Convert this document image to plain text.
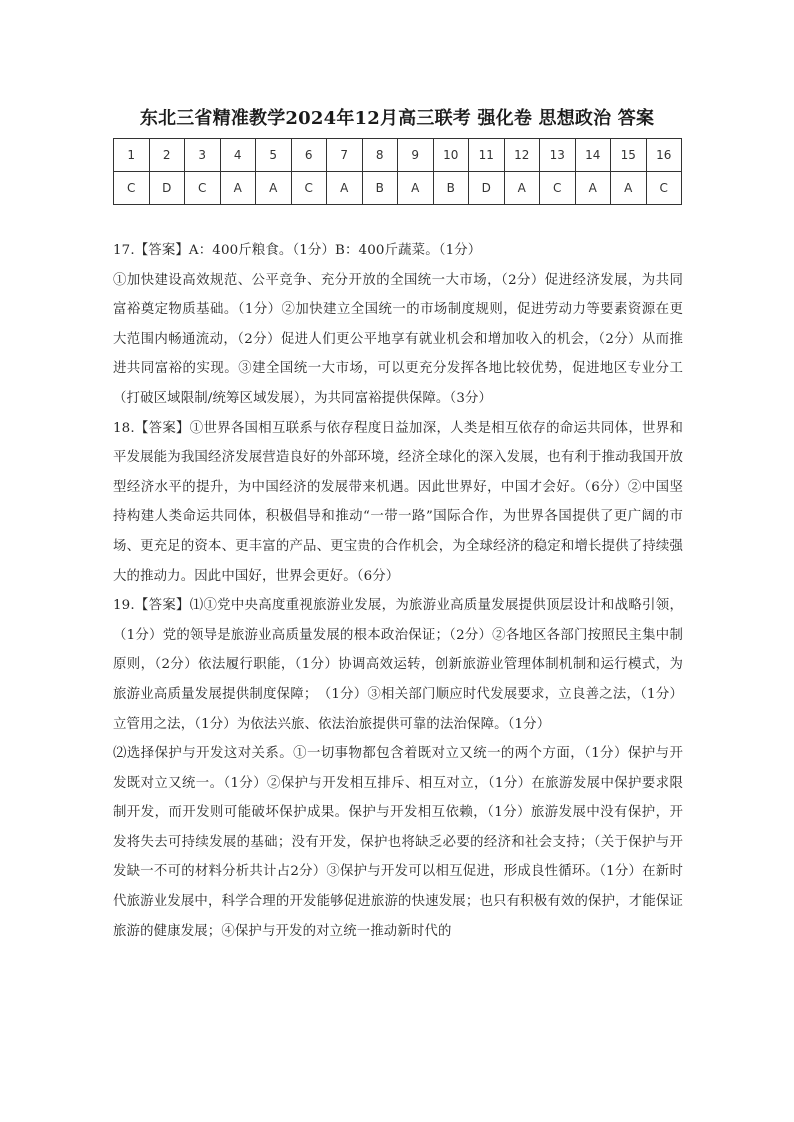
东北三省精准教学2024年12月高三联考 强化卷 思想政治 答案
1	2	3	4	5	6	7	8	9	10	11	12	13	14	15	16
C	D	C	A	A	C	A	B	A	B	D	A	C	A	A	C

17.【答案】A：400斤粮食。（1分）B：400斤蔬菜。（1分）

①加快建设高效规范、公平竞争、充分开放的全国统一大市场，（2分）促进经济发展，为共同富裕奠定物质基础。（1分）②加快建立全国统一的市场制度规则，促进劳动力等要素资源在更大范围内畅通流动，（2分）促进人们更公平地享有就业机会和增加收入的机会，（2分）从而推进共同富裕的实现。③建全国统一大市场，可以更充分发挥各地比较优势，促进地区专业分工（打破区域限制/统筹区域发展），为共同富裕提供保障。（3分）

18.【答案】①世界各国相互联系与依存程度日益加深，人类是相互依存的命运共同体，世界和平发展能为我国经济发展营造良好的外部环境，经济全球化的深入发展，也有利于推动我国开放型经济水平的提升，为中国经济的发展带来机遇。因此世界好，中国才会好。（6分）②中国坚持构建人类命运共同体，积极倡导和推动“一带一路”国际合作，为世界各国提供了更广阔的市场、更充足的资本、更丰富的产品、更宝贵的合作机会，为全球经济的稳定和增长提供了持续强大的推动力。因此中国好，世界会更好。（6分）

19.【答案】⑴①党中央高度重视旅游业发展，为旅游业高质量发展提供顶层设计和战略引领，（1分）党的领导是旅游业高质量发展的根本政治保证；（2分）②各地区各部门按照民主集中制原则，（2分）依法履行职能，（1分）协调高效运转，创新旅游业管理体制机制和运行模式，为旅游业高质量发展提供制度保障；　（1分）③相关部门顺应时代发展要求，立良善之法，（1分）立管用之法，（1分）为依法兴旅、依法治旅提供可靠的法治保障。（1分）

⑵选择保护与开发这对关系。①一切事物都包含着既对立又统一的两个方面，（1分）保护与开发既对立又统一。（1分）②保护与开发相互排斥、相互对立，（1分）在旅游发展中保护要求限制开发，而开发则可能破坏保护成果。保护与开发相互依赖，（1分）旅游发展中没有保护，开发将失去可持续发展的基础；没有开发，保护也将缺乏必要的经济和社会支持；（关于保护与开发缺一不可的材料分析共计占2分）③保护与开发可以相互促进，形成良性循环。（1分）在新时代旅游业发展中，科学合理的开发能够促进旅游的快速发展；也只有积极有效的保护，才能保证旅游的健康发展；④保护与开发的对立统一推动新时代的
